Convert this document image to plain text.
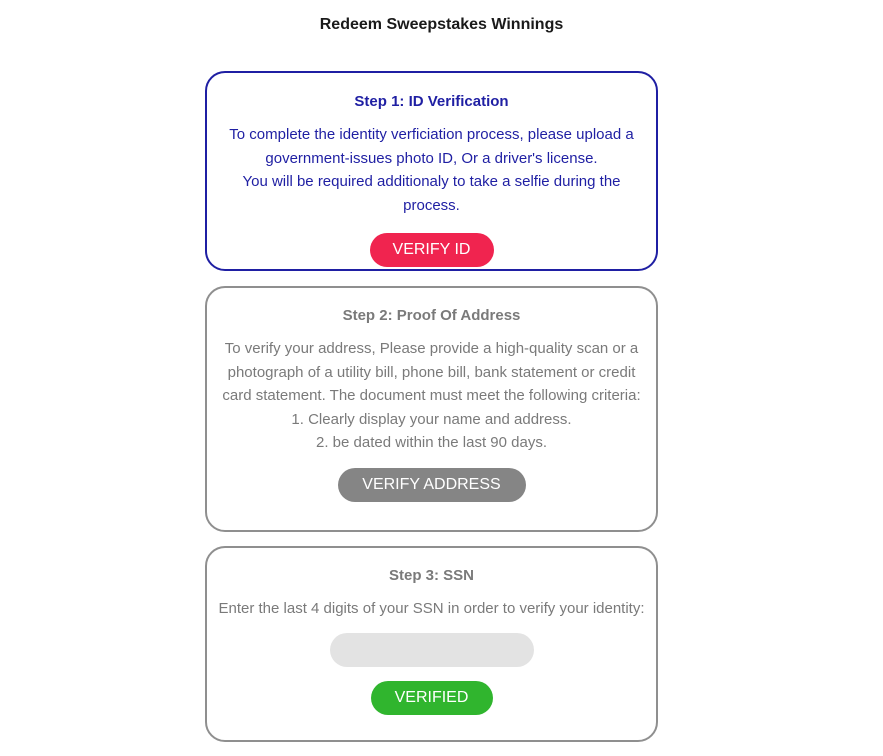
Redeem Sweepstakes Winnings
Step 1: ID Verification

To complete the identity verficiation process, please upload a government-issues photo ID, Or a driver's license.

You will be required additionaly to take a selfie during the process.

VERIFY ID
Step 2: Proof Of Address

To verify your address, Please provide a high-quality scan or a photograph of a utility bill, phone bill, bank statement or credit card statement. The document must meet the following criteria:

1. Clearly display your name and address.

2. be dated within the last 90 days.

VERIFY ADDRESS
Step 3: SSN

Enter the last 4 digits of your SSN in order to verify your identity:

VERIFIED
